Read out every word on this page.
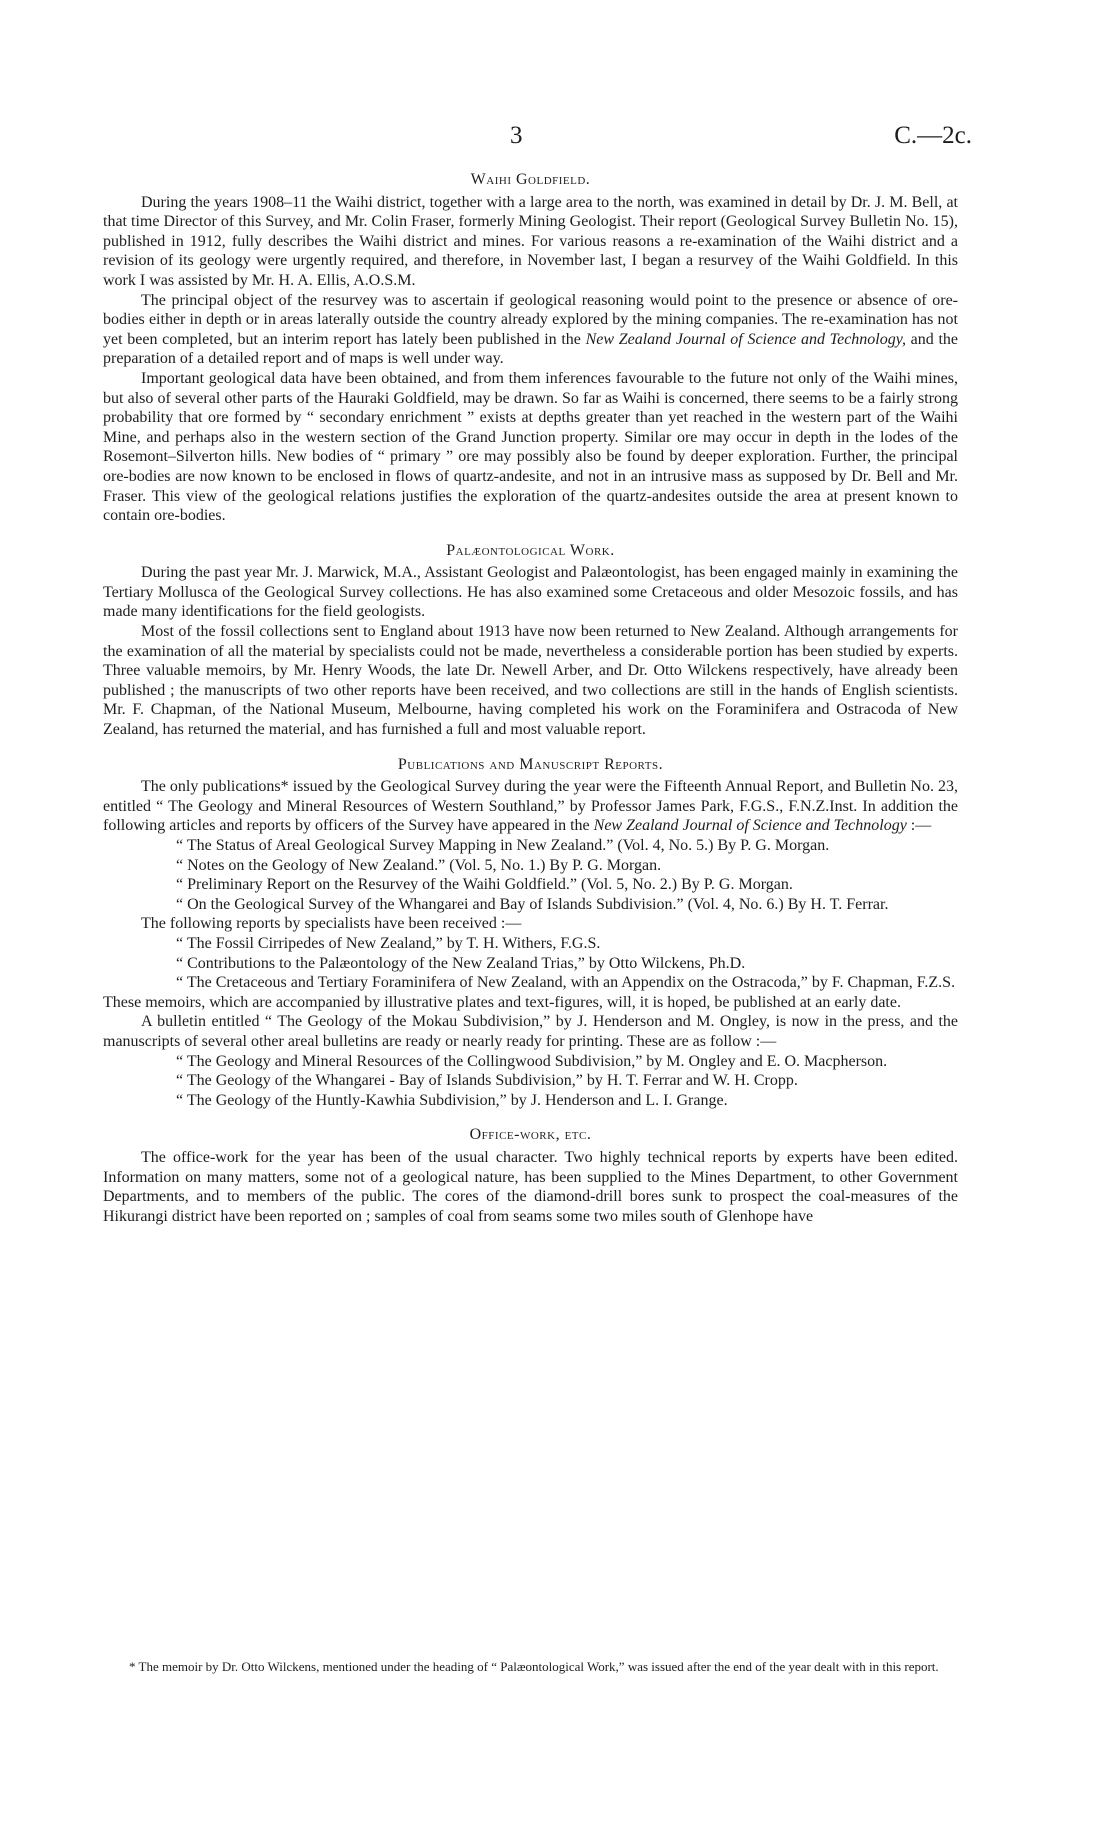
3	C.—2c.
Waihi Goldfield.

During the years 1908–11 the Waihi district, together with a large area to the north, was examined in detail by Dr. J. M. Bell, at that time Director of this Survey, and Mr. Colin Fraser, formerly Mining Geologist. Their report (Geological Survey Bulletin No. 15), published in 1912, fully describes the Waihi district and mines. For various reasons a re-examination of the Waihi district and a revision of its geology were urgently required, and therefore, in November last, I began a resurvey of the Waihi Goldfield. In this work I was assisted by Mr. H. A. Ellis, A.O.S.M.

The principal object of the resurvey was to ascertain if geological reasoning would point to the presence or absence of ore-bodies either in depth or in areas laterally outside the country already explored by the mining companies. The re-examination has not yet been completed, but an interim report has lately been published in the New Zealand Journal of Science and Technology, and the preparation of a detailed report and of maps is well under way.

Important geological data have been obtained, and from them inferences favourable to the future not only of the Waihi mines, but also of several other parts of the Hauraki Goldfield, may be drawn. So far as Waihi is concerned, there seems to be a fairly strong probability that ore formed by “ secondary enrichment ” exists at depths greater than yet reached in the western part of the Waihi Mine, and perhaps also in the western section of the Grand Junction property. Similar ore may occur in depth in the lodes of the Rosemont–Silverton hills. New bodies of “ primary ” ore may possibly also be found by deeper exploration. Further, the principal ore-bodies are now known to be enclosed in flows of quartz-andesite, and not in an intrusive mass as supposed by Dr. Bell and Mr. Fraser. This view of the geological relations justifies the exploration of the quartz-andesites outside the area at present known to contain ore-bodies.

Palæontological Work.

During the past year Mr. J. Marwick, M.A., Assistant Geologist and Palæontologist, has been engaged mainly in examining the Tertiary Mollusca of the Geological Survey collections. He has also examined some Cretaceous and older Mesozoic fossils, and has made many identifications for the field geologists.

Most of the fossil collections sent to England about 1913 have now been returned to New Zealand. Although arrangements for the examination of all the material by specialists could not be made, nevertheless a considerable portion has been studied by experts. Three valuable memoirs, by Mr. Henry Woods, the late Dr. Newell Arber, and Dr. Otto Wilckens respectively, have already been published ; the manuscripts of two other reports have been received, and two collections are still in the hands of English scientists. Mr. F. Chapman, of the National Museum, Melbourne, having completed his work on the Foraminifera and Ostracoda of New Zealand, has returned the material, and has furnished a full and most valuable report.

Publications and Manuscript Reports.

The only publications* issued by the Geological Survey during the year were the Fifteenth Annual Report, and Bulletin No. 23, entitled “ The Geology and Mineral Resources of Western Southland,” by Professor James Park, F.G.S., F.N.Z.Inst. In addition the following articles and reports by officers of the Survey have appeared in the New Zealand Journal of Science and Technology :—

“ The Status of Areal Geological Survey Mapping in New Zealand.” (Vol. 4, No. 5.) By P. G. Morgan.
“ Notes on the Geology of New Zealand.” (Vol. 5, No. 1.) By P. G. Morgan.
“ Preliminary Report on the Resurvey of the Waihi Goldfield.” (Vol. 5, No. 2.) By P. G. Morgan.
“ On the Geological Survey of the Whangarei and Bay of Islands Subdivision.” (Vol. 4, No. 6.) By H. T. Ferrar.

The following reports by specialists have been received :—

“ The Fossil Cirripedes of New Zealand,” by T. H. Withers, F.G.S.
“ Contributions to the Palæontology of the New Zealand Trias,” by Otto Wilckens, Ph.D.
“ The Cretaceous and Tertiary Foraminifera of New Zealand, with an Appendix on the Ostracoda,” by F. Chapman, F.Z.S.

These memoirs, which are accompanied by illustrative plates and text-figures, will, it is hoped, be published at an early date.

A bulletin entitled “ The Geology of the Mokau Subdivision,” by J. Henderson and M. Ongley, is now in the press, and the manuscripts of several other areal bulletins are ready or nearly ready for printing. These are as follow :—

“ The Geology and Mineral Resources of the Collingwood Subdivision,” by M. Ongley and E. O. Macpherson.
“ The Geology of the Whangarei - Bay of Islands Subdivision,” by H. T. Ferrar and W. H. Cropp.
“ The Geology of the Huntly-Kawhia Subdivision,” by J. Henderson and L. I. Grange.
Office-work, etc.

The office-work for the year has been of the usual character. Two highly technical reports by experts have been edited. Information on many matters, some not of a geological nature, has been supplied to the Mines Department, to other Government Departments, and to members of the public. The cores of the diamond-drill bores sunk to prospect the coal-measures of the Hikurangi district have been reported on ; samples of coal from seams some two miles south of Glenhope have

* The memoir by Dr. Otto Wilckens, mentioned under the heading of “ Palæontological Work,” was issued after the end of the year dealt with in this report.
